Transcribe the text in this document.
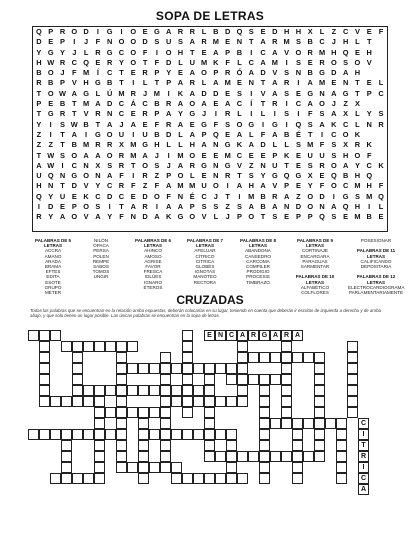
SOPA DE LETRAS
Q P R O D	I	G	I	O E G A R R L B D Q S E D H H X L Z C V E F
D E P	I	J	F N O O D S U S A R M E N T A R M S B C J H L T
Y G Y J	L R G C O F	I	O H T E A P B	I	C A V O R M H Q E H
H W R C Q E R Y O T F D L U M K F L C A M	I	S E R O S O V
B O J	F M	Í	C T E R P Y E A O P R Ó A D V S N B G D A H
R B P V H G B T	I	L T P A R L A M E N T A R	I	A M E N T E L
T O W A G L Ú M R J M	I	K A D D E S	I	V A S E G N A G T P C
P E B T M A D C Á C B R A O A E A C	Í	T R	I	C A O J	Z X
T G R T V R N C E R P A Y G J	I	R L	I	L	I	S	I	F S A X L Y S
Y	I	S W B T A J A E F R A E G F S O G	I	G	I	Q S A K C L N R
Z	I	T A	I	G O U	I	U B D L A P Q E A L F A B É T	I	C O K
Z Z T B M R R X M G H L L H A N G K A D L L S M F S X R K
T W S O A A O R M A J	I	M O E E M C E E P K E U U S H O F
A W I	C N X S R T O S J A R G N G V Z N U T E S R O A Y C K
U Q N G O N A F	I	R Z P O L E N R T S Y G Q G X E Q B H Q
H N T D V Y C R F Z F A M M U O	I	A H A V P E Y F O C M H F
Q Y U E K C D C E D O F N É C J	T	I	M B R A Z O D	I	G S M Q
I	D E P O S	I	T A R	I	A A P S S Z S A B A N D O N A Q H	I	L
R Y A O V A Y F N D A K G O V L	J P O T S E P P Q S E M B E
PALABRAS DE 5 LETRAS
ACCRA
AMANO
ARADA
BRAMA
EFTES
EDITA
ESOTE
GRUPO
METER
NILÓN
OPACA
PERSA
POLEN
REMPE
SABOS
TOMOS
UNGIR
PALABRAS DE 6 LETRAS
AHINCO
AMOSO
AGRISE
FAVOR
FRESCA
IGLÚES
IGNARO
ÉTEROS
PALABRAS DE 7 LETRAS
AFELUAR
CÍTRICO
CITRICA
GLOBÉS
IGNOTAS
MANOTEO
RECTORA
PALABRAS DE 8 LETRAS
ABANDONA
CANSEDRO
CARCOMA
COMPILER
PRODIGIO
PROCESIS
TIMBRAZO
PALABRAS DE 9 LETRAS
CORTINAJE
ENCARGARA
PARAGUAS
SARMENTAR

PALABRAS DE 10 LETRAS
ALFABÉTICO
COLFLORES
POSESIONAR

PALABRAS DE 11 LETRAS
CALIFICANDO
DEPOSITARIA

PALABRAS DE 12 LETRAS
ELECTROCARDIOGRAMA
PARLAMENTARIAMENTE
CRUZADAS
Todas las palabras que se encuentran en la relación arriba expuestas, deberán colocarlas en su lugar, teniendo en cuenta que deberán ir escritas de izquierda a derecha y de arriba abajo, y que solo tienen un lugar posible. Las únicas palabras se encuentran en la sopa de letras.
E N C A R G A R A
C
I
T
R
I
C
A
